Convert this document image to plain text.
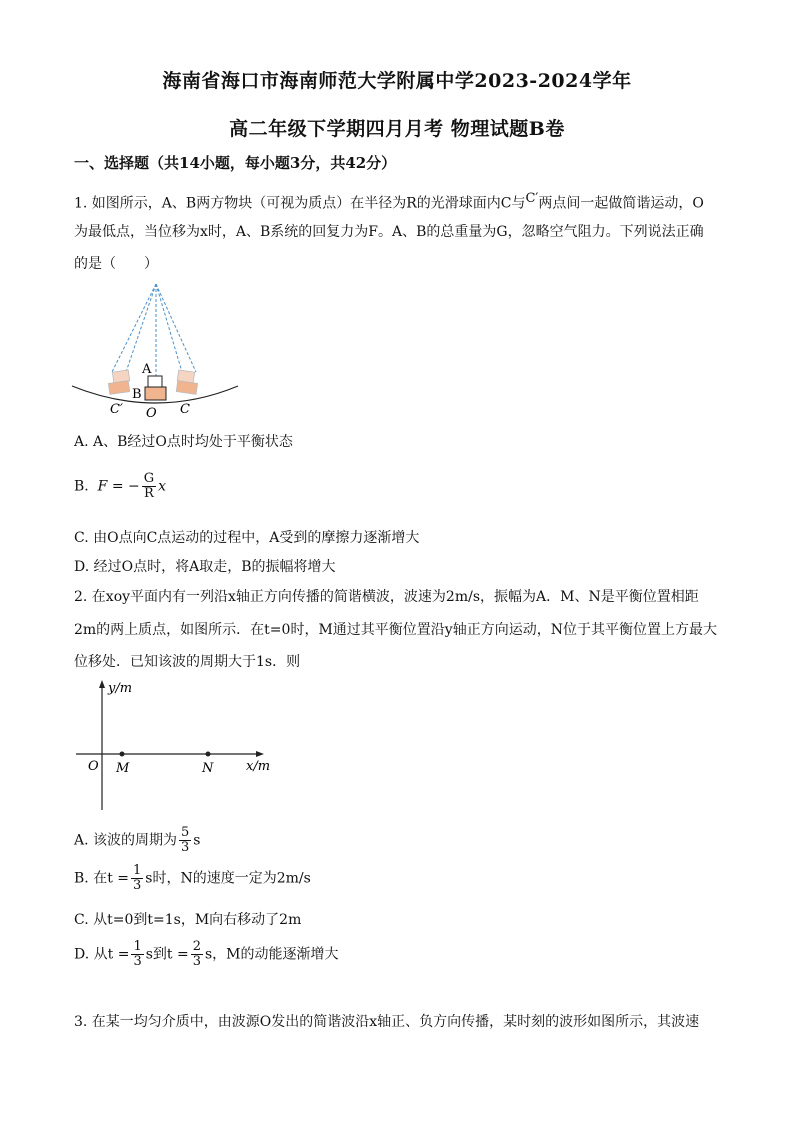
海南省海口市海南师范大学附属中学2023-2024学年
高二年级下学期四月月考 物理试题B卷
一、选择题（共14小题，每小题3分，共42分）
1. 如图所示，A、B两方物块（可视为质点）在半径为R的光滑球面内C与$^{C'}$两点间一起做简谐运动，O
为最低点，当位移为x时，A、B系统的回复力为F。A、B的总重量为G，忽略空气阻力。下列说法正确
的是（　　）
A
B
C′ O C
A. A、B经过O点时均处于平衡状态
B. F = − $\frac{G}{R}$ x
C. 由O点向C点运动的过程中，A受到的摩擦力逐渐增大
D. 经过O点时，将A取走，B的振幅将增大
2. 在xoy平面内有一列沿x轴正方向传播的简谐横波，波速为2m/s，振幅为A．M、N是平衡位置相距
2m的两上质点，如图所示．在t=0时，M通过其平衡位置沿y轴正方向运动，N位于其平衡位置上方最大
位移处．已知该波的周期大于1s．则
y/m
x/m
O M	N
A. 该波的周期为 $\frac{5}{3}$ s
B. 在$t = \frac{1}{3}$ s时，N的速度一定为2m/s
C. 从t=0到t=1s，M向右移动了2m
D. 从$t = \frac{1}{3}$ s到$t = \frac{2}{3}$ s，M的动能逐渐增大
3. 在某一均匀介质中，由波源O发出的简谐波沿x轴正、负方向传播，某时刻的波形如图所示，其波速
